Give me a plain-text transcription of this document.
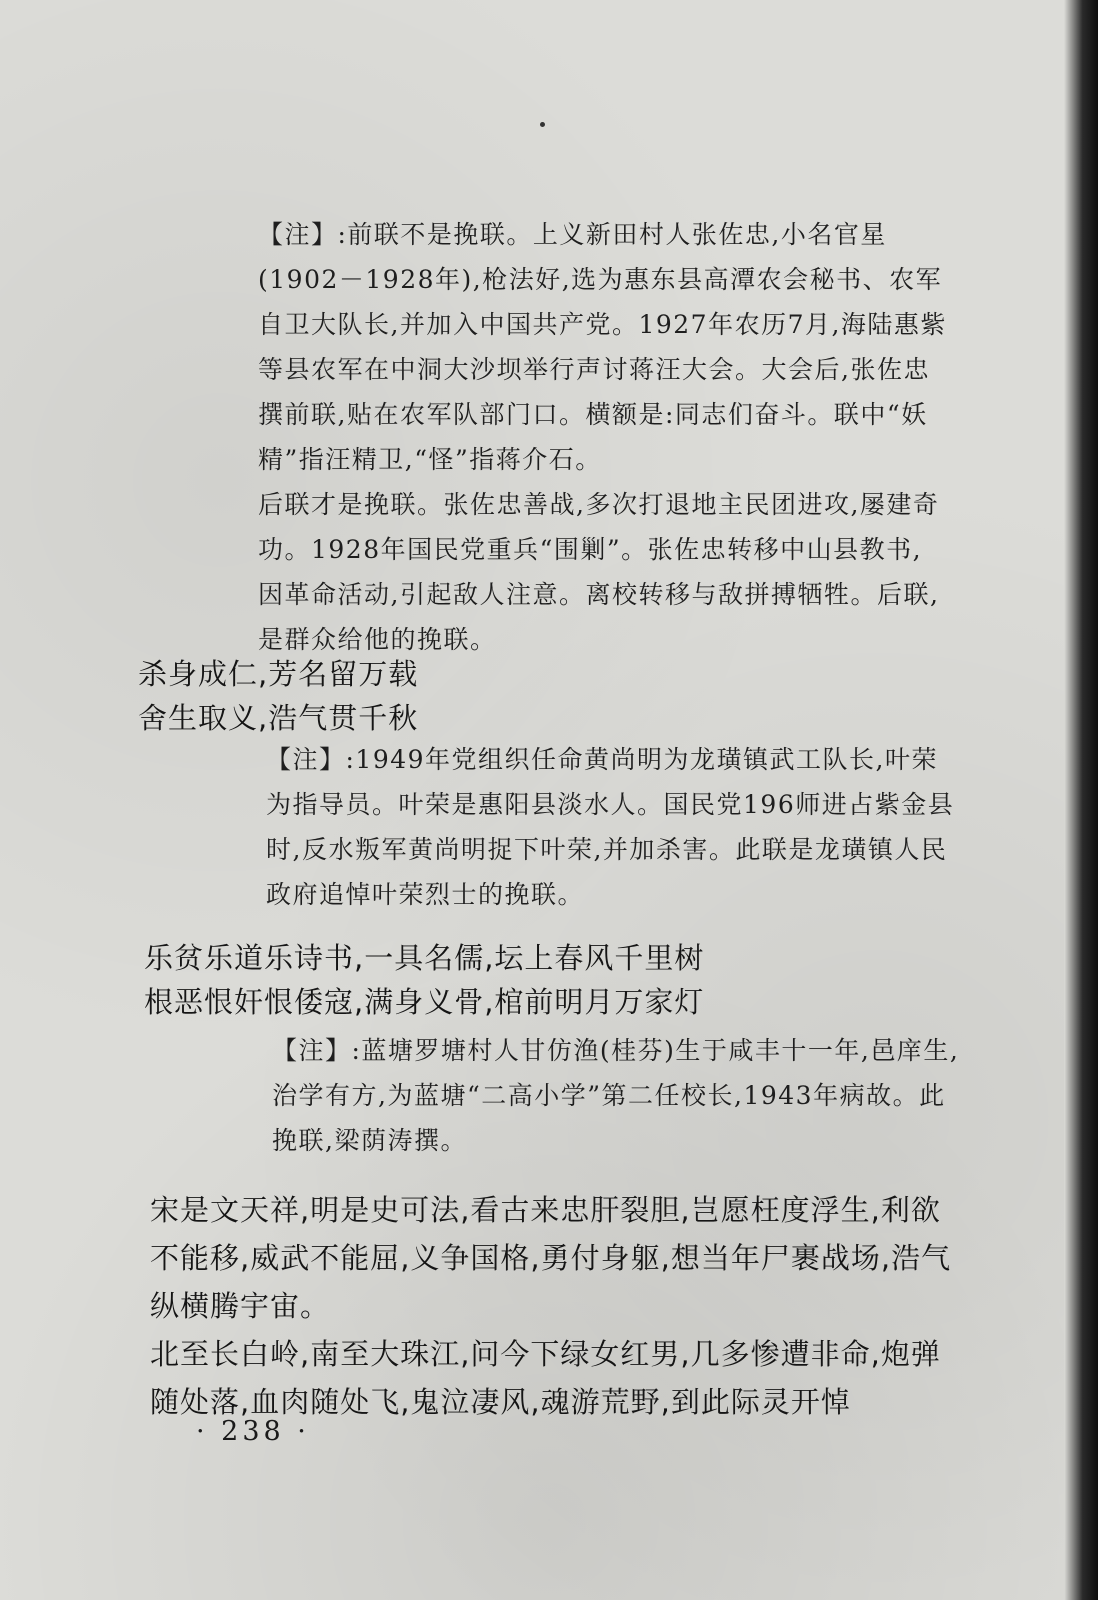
【注】:前联不是挽联。上义新田村人张佐忠,小名官星(1902－1928年),枪法好,选为惠东县高潭农会秘书、农军自卫大队长,并加入中国共产党。1927年农历7月,海陆惠紫等县农军在中洞大沙坝举行声讨蒋汪大会。大会后,张佐忠撰前联,贴在农军队部门口。横额是:同志们奋斗。联中“妖精”指汪精卫,“怪”指蒋介石。

后联才是挽联。张佐忠善战,多次打退地主民团进攻,屡建奇功。1928年国民党重兵“围剿”。张佐忠转移中山县教书,因革命活动,引起敌人注意。离校转移与敌拼搏牺牲。后联,是群众给他的挽联。

杀身成仁,芳名留万载

舍生取义,浩气贯千秋

【注】:1949年党组织任命黄尚明为龙璜镇武工队长,叶荣为指导员。叶荣是惠阳县淡水人。国民党196师进占紫金县时,反水叛军黄尚明捉下叶荣,并加杀害。此联是龙璜镇人民政府追悼叶荣烈士的挽联。

乐贫乐道乐诗书,一具名儒,坛上春风千里树

根恶恨奸恨倭寇,满身义骨,棺前明月万家灯

【注】:蓝塘罗塘村人甘仿渔(桂芬)生于咸丰十一年,邑庠生,治学有方,为蓝塘“二高小学”第二任校长,1943年病故。此挽联,梁荫涛撰。

宋是文天祥,明是史可法,看古来忠肝裂胆,岂愿枉度浮生,利欲不能移,威武不能屈,义争国格,勇付身躯,想当年尸裹战场,浩气纵横腾宇宙。

北至长白岭,南至大珠江,问今下绿女红男,几多惨遭非命,炮弹随处落,血肉随处飞,鬼泣凄风,魂游荒野,到此际灵开悼

· 238 ·
